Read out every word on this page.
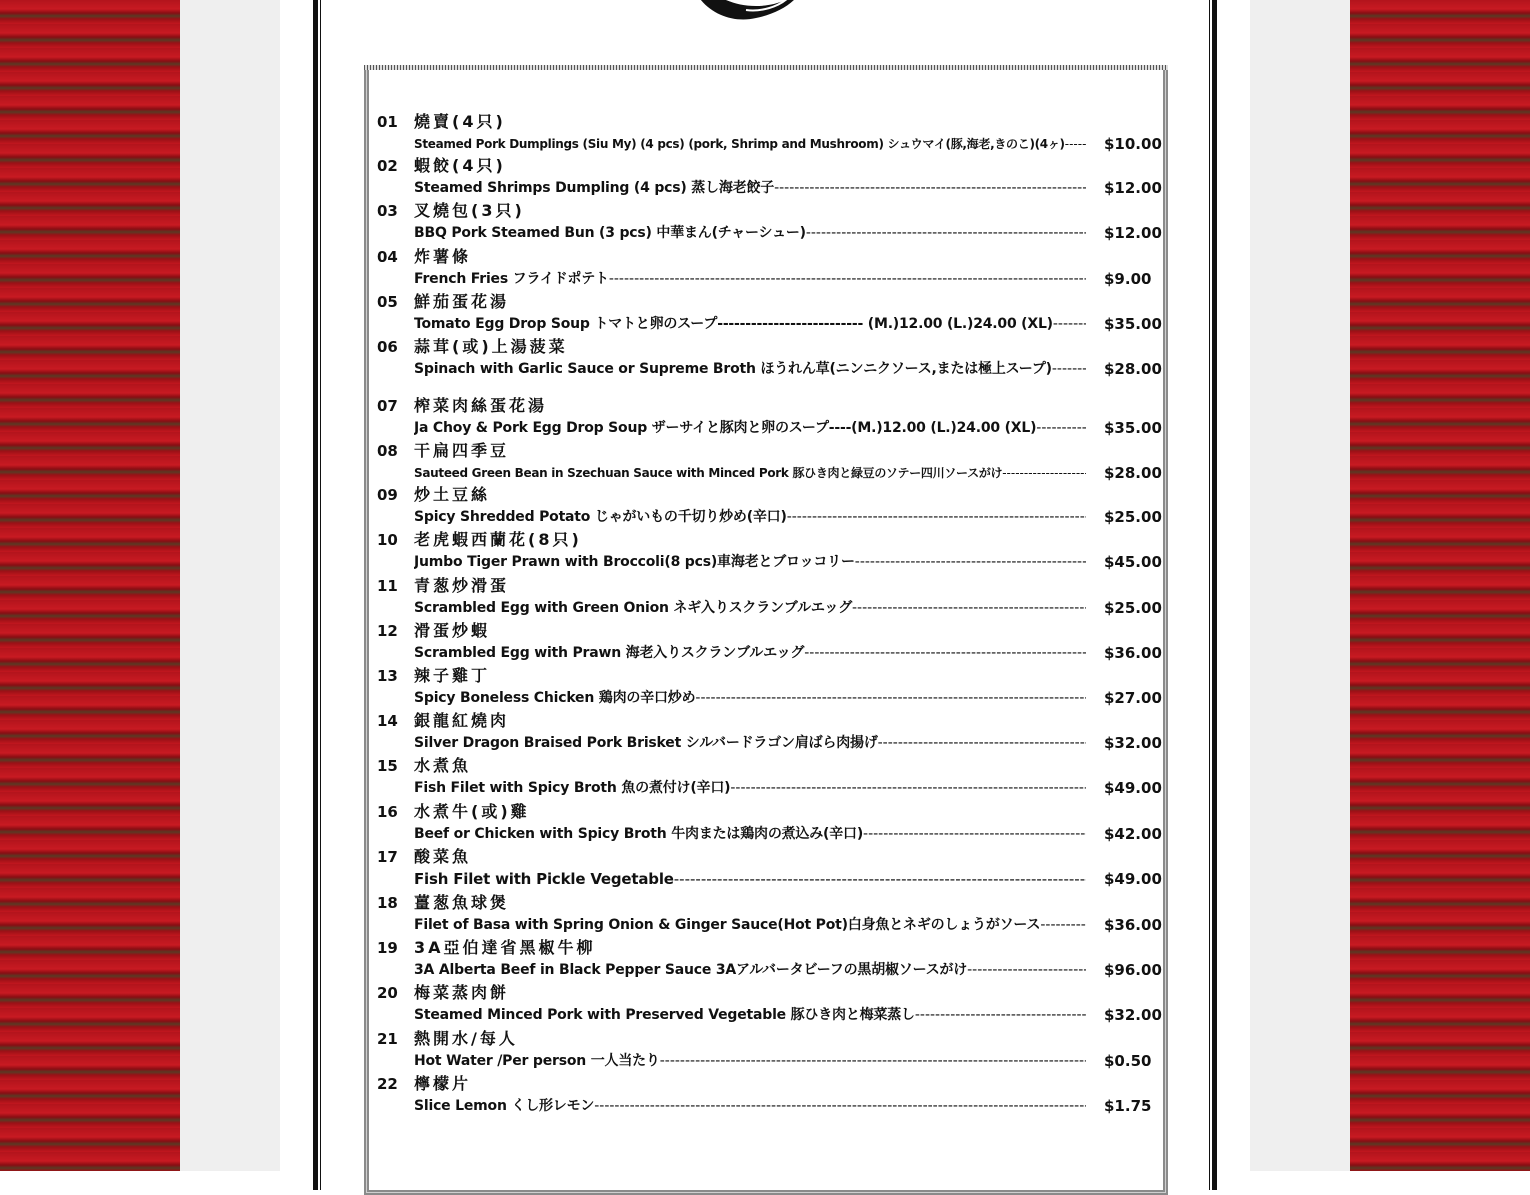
01 燒賣(4只)
Steamed Pork Dumplings (Siu My) (4 pcs) (pork, Shrimp and Mushroom) シュウマイ(豚,海老,きのこ)(4ヶ) -----	$10.00
02 蝦餃(4只)
Steamed Shrimps Dumpling (4 pcs) 蒸し海老餃子 -----	$12.00
03 叉燒包(3只)
BBQ Pork Steamed Bun (3 pcs) 中華まん(チャーシュー) -----	$12.00
04 炸薯條
French Fries フライドポテト -----	$9.00
05 鮮茄蛋花湯
Tomato Egg Drop Soup トマトと卵のスープ-------------------------- (M.)12.00 (L.)24.00 (XL) -----	$35.00
06 蒜茸(或)上湯菠菜
Spinach with Garlic Sauce or Supreme Broth ほうれん草(ニンニクソース,または極上スープ) -----	$28.00
07 榨菜肉絲蛋花湯
Ja Choy & Pork Egg Drop Soup ザーサイと豚肉と卵のスープ----(M.)12.00 (L.)24.00 (XL) -----	$35.00
08 干扁四季豆
Sauteed Green Bean in Szechuan Sauce with Minced Pork 豚ひき肉と緑豆のソテー四川ソースがけ -----	$28.00
09 炒土豆絲
Spicy Shredded Potato じゃがいもの千切り炒め(辛口) -----	$25.00
10 老虎蝦西蘭花(8只)
Jumbo Tiger Prawn with Broccoli(8 pcs)車海老とブロッコリー -----	$45.00
11 青葱炒滑蛋
Scrambled Egg with Green Onion ネギ入りスクランブルエッグ -----	$25.00
12 滑蛋炒蝦
Scrambled Egg with Prawn 海老入りスクランブルエッグ -----	$36.00
13 辣子雞丁
Spicy Boneless Chicken 鶏肉の辛口炒め -----	$27.00
14 銀龍紅燒肉
Silver Dragon Braised Pork Brisket シルバードラゴン肩ばら肉揚げ -----	$32.00
15 水煮魚
Fish Filet with Spicy Broth 魚の煮付け(辛口) -----	$49.00
16 水煮牛(或)雞
Beef or Chicken with Spicy Broth 牛肉または鶏肉の煮込み(辛口) -----	$42.00
17 酸菜魚
Fish Filet with Pickle Vegetable -----	$49.00
18 薑葱魚球煲
Filet of Basa with Spring Onion & Ginger Sauce(Hot Pot)白身魚とネギのしょうがソース -----	$36.00
19 3A亞伯達省黑椒牛柳
3A Alberta Beef in Black Pepper Sauce 3Aアルバータビーフの黒胡椒ソースがけ -----	$96.00
20 梅菜蒸肉餅
Steamed Minced Pork with Preserved Vegetable 豚ひき肉と梅菜蒸し -----	$32.00
21 熱開水/每人
Hot Water /Per person 一人当たり -----	$0.50
22 檸檬片
Slice Lemon くし形レモン -----	$1.75
